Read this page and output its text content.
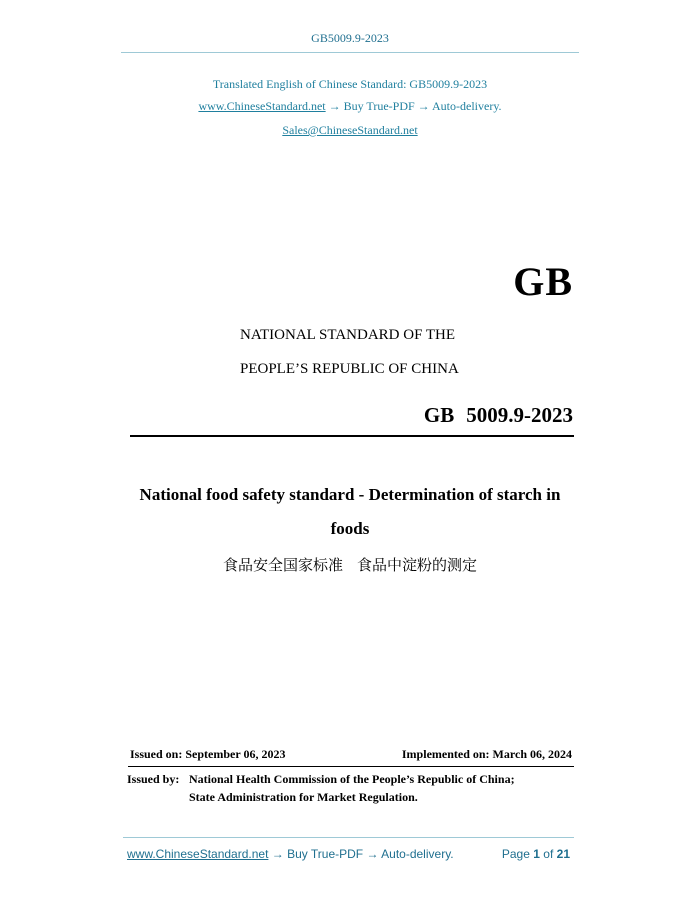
GB5009.9-2023
Translated English of Chinese Standard: GB5009.9-2023
www.ChineseStandard.net → Buy True-PDF → Auto-delivery.
Sales@ChineseStandard.net
GB
NATIONAL STANDARD OF THE
PEOPLE’S REPUBLIC OF CHINA
GB 5009.9-2023
National food safety standard - Determination of starch in
foods
食品安全国家标准 食品中淀粉的测定
Issued on: September 06, 2023	Implemented on: March 06, 2024
Issued by: National Health Commission of the People’s Republic of China;
State Administration for Market Regulation.
www.ChineseStandard.net → Buy True-PDF → Auto-delivery.	Page 1 of 21
